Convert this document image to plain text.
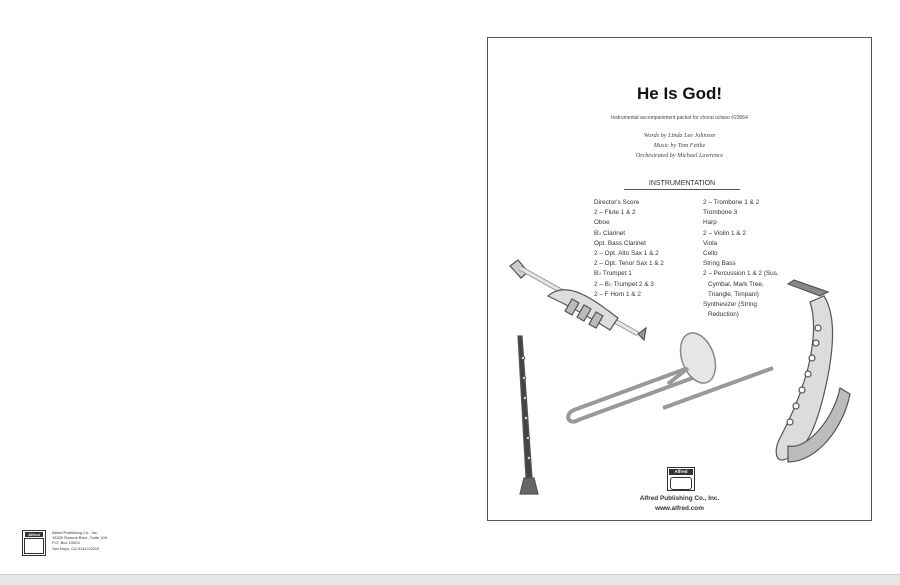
Alfred	Alfred Publishing Co., Inc.
16320 Roscoe Blvd., Suite 100
P.O. Box 10003
Van Nuys, CA 91410-0003
He Is God!
Instrumental accompaniment packet for choral octavo #23064
Words by Linda Lee Johnson
Music by Tom Fettke
Orchestrated by Michael Lawrence
INSTRUMENTATION
Director's Score
2 – Flute 1 & 2
Oboe
B♭ Clarinet
Opt. Bass Clarinet
2 – Opt. Alto Sax 1 & 2
2 – Opt. Tenor Sax 1 & 2
B♭ Trumpet 1
2 – B♭ Trumpet 2 & 3
2 – F Horn 1 & 2
2 – Trombone 1 & 2
Trombone 3
Harp
2 – Violin 1 & 2
Viola
Cello
String Bass
2 – Percussion 1 & 2 (Sus.
Cymbal, Mark Tree,
Triangle, Timpani)
Synthesizer (String
Reduction)
Alfred
Alfred Publishing Co., Inc.
www.alfred.com
